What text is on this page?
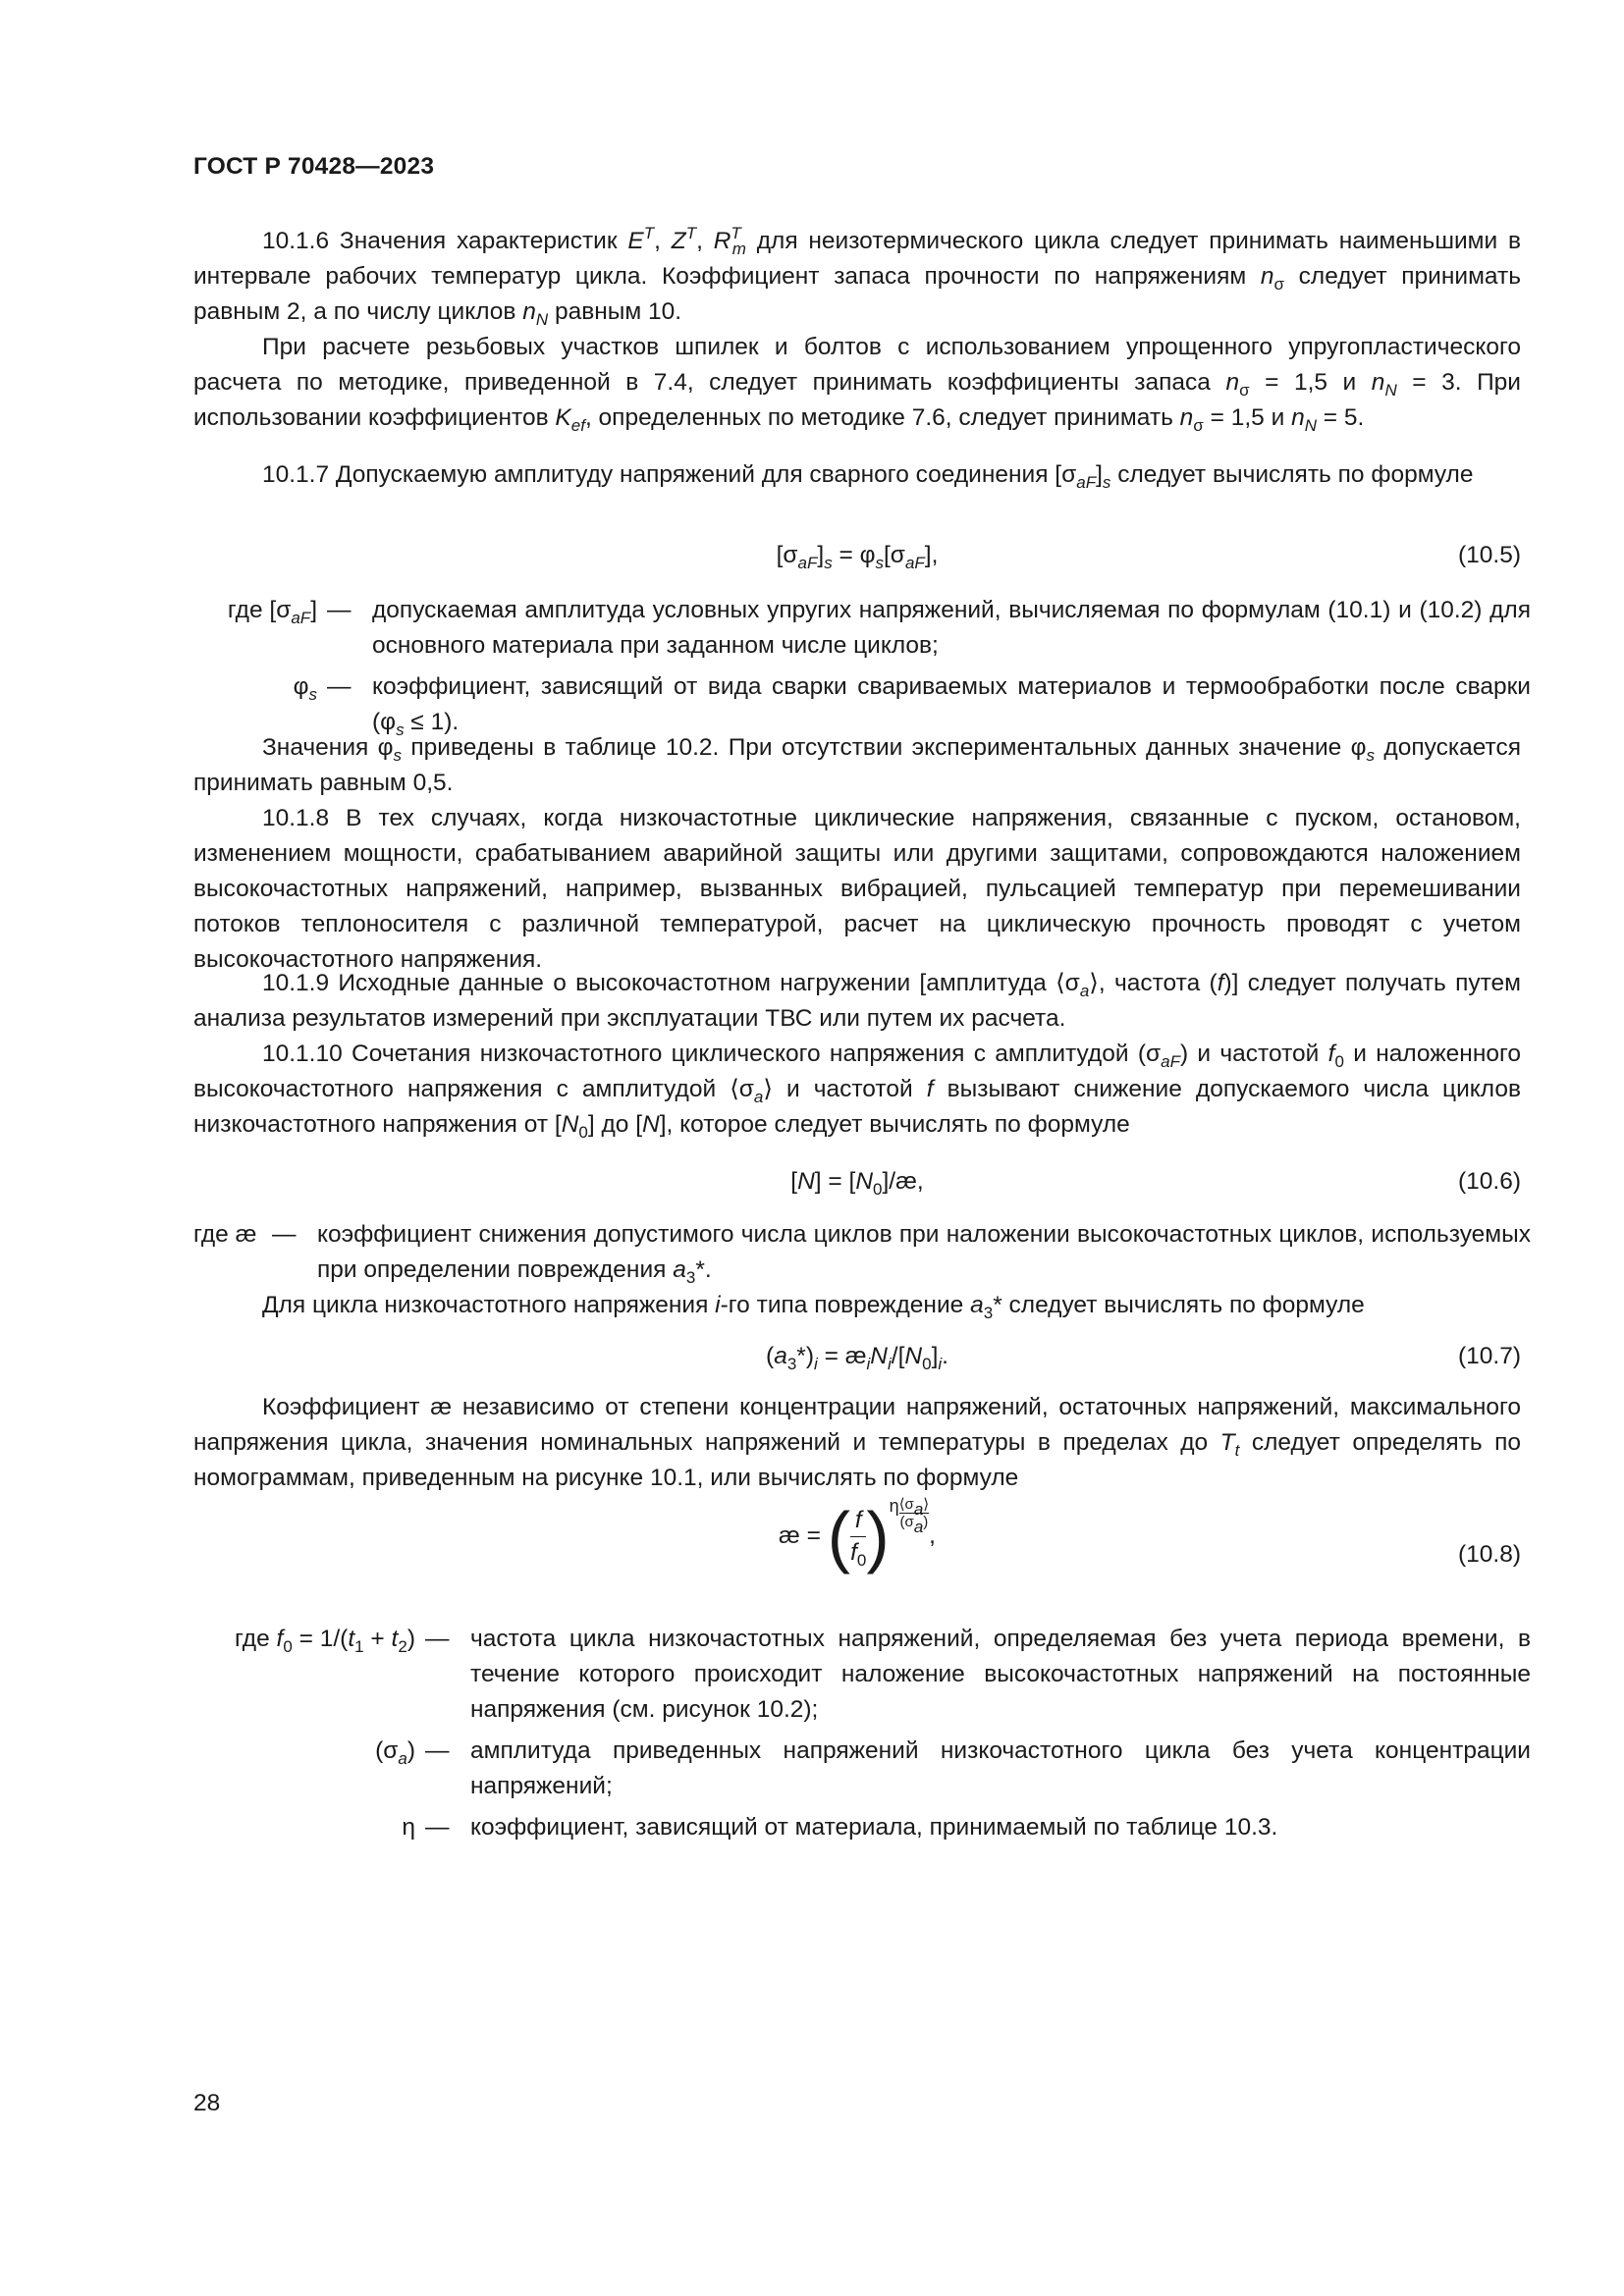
ГОСТ Р 70428—2023

10.1.6 Значения характеристик $E^T$, $Z^T$, $R^T_m$ для неизотермического цикла следует принимать наименьшими в интервале рабочих температур цикла. Коэффициент запаса прочности по напряжениям $n_\sigma$ следует принимать равным 2, а по числу циклов $n_N$ равным 10.

При расчете резьбовых участков шпилек и болтов с использованием упрощенного упругопластического расчета по методике, приведенной в 7.4, следует принимать коэффициенты запаса $n_\sigma = 1,5$ и $n_N = 3$. При использовании коэффициентов $K_{ef}$, определенных по методике 7.6, следует принимать $n_\sigma = 1,5$ и $n_N = 5$.

10.1.7 Допускаемую амплитуду напряжений для сварного соединения $[\sigma_{aF}]_s$ следует вычислять по формуле

$[\sigma_{aF}]_s = \varphi_s[\sigma_{aF}]$,	(10.5)
где $[\sigma_{aF}]$ — допускаемая амплитуда условных упругих напряжений, вычисляемая по формулам (10.1) и (10.2) для основного материала при заданном числе циклов;
$\varphi_s$ — коэффициент, зависящий от вида сварки свариваемых материалов и термообработки после сварки $(\varphi_s \le 1)$.

Значения $\varphi_s$ приведены в таблице 10.2. При отсутствии экспериментальных данных значение $\varphi_s$ допускается принимать равным 0,5.

10.1.8 В тех случаях, когда низкочастотные циклические напряжения, связанные с пуском, остановом, изменением мощности, срабатыванием аварийной защиты или другими защитами, сопровождаются наложением высокочастотных напряжений, например, вызванных вибрацией, пульсацией температур при перемешивании потоков теплоносителя с различной температурой, расчет на циклическую прочность проводят с учетом высокочастотного напряжения.

10.1.9 Исходные данные о высокочастотном нагружении [амплитуда $⟨\sigma_a⟩$, частота (f)] следует получать путем анализа результатов измерений при эксплуатации ТВС или путем их расчета.

10.1.10 Сочетания низкочастотного циклического напряжения с амплитудой $(\sigma_{aF})$ и частотой $f_0$ и наложенного высокочастотного напряжения с амплитудой $⟨\sigma_a⟩$ и частотой f вызывают снижение допускаемого числа циклов низкочастотного напряжения от $[N_0]$ до [N], которое следует вычислять по формуле

$[N] = [N_0]/æ$,	(10.6)
где æ — коэффициент снижения допустимого числа циклов при наложении высокочастотных циклов, используемых при определении повреждения $a_3*$.

Для цикла низкочастотного напряжения i-го типа повреждение $a_3*$ следует вычислять по формуле

$(a_3*)_i$ = $æ_iN_i/[N_0]_i$.	(10.7)

Коэффициент æ независимо от степени концентрации напряжений, остаточных напряжений, максимального напряжения цикла, значения номинальных напряжений и температуры в пределах до $T_t$ следует определять по номограммам, приведенным на рисунке 10.1, или вычислять по формуле

æ = ( $\frac{f}{f_0} )\eta \frac{⟨\sigma_a⟩}{(\sigma_a)}$,
(10.8)
где $f_0 = 1/(t_1 + t_2)$ — частота цикла низкочастотных напряжений, определяемая без учета периода времени, в течение которого происходит наложение высокочастотных напряжений на постоянные напряжения (см. рисунок 10.2);
$(\sigma_a)$ — амплитуда приведенных напряжений низкочастотного цикла без учета концентрации напряжений;
η — коэффициент, зависящий от материала, принимаемый по таблице 10.3.
28
